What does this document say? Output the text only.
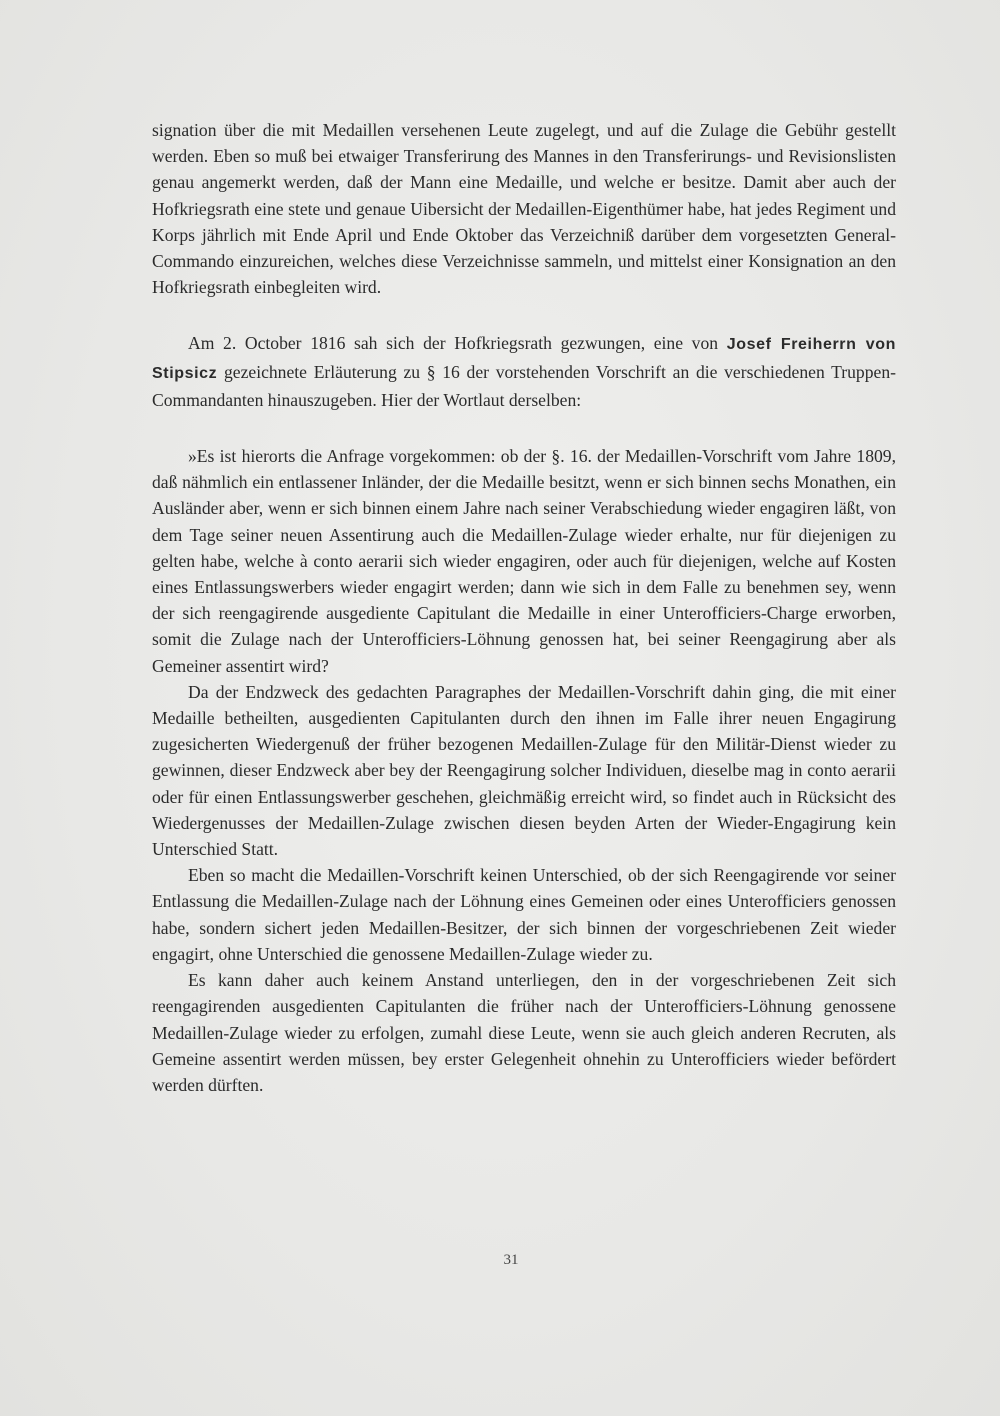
signation über die mit Medaillen versehenen Leute zugelegt, und auf die Zulage die Gebühr gestellt werden. Eben so muß bei etwaiger Transferirung des Mannes in den Transferirungs- und Revisionslisten genau angemerkt werden, daß der Mann eine Medaille, und welche er besitze. Damit aber auch der Hofkriegsrath eine stete und genaue Uibersicht der Medaillen-Eigenthümer habe, hat jedes Regiment und Korps jährlich mit Ende April und Ende Oktober das Verzeichniß darüber dem vorgesetzten General-Commando einzureichen, welches diese Verzeichnisse sammeln, und mittelst einer Konsignation an den Hofkriegsrath einbegleiten wird.

Am 2. October 1816 sah sich der Hofkriegsrath gezwungen, eine von Josef Freiherrn von Stipsicz gezeichnete Erläuterung zu § 16 der vorstehenden Vorschrift an die verschiedenen Truppen-Commandanten hinauszugeben. Hier der Wortlaut derselben:

»Es ist hierorts die Anfrage vorgekommen: ob der §. 16. der Medaillen-Vorschrift vom Jahre 1809, daß nähmlich ein entlassener Inländer, der die Medaille besitzt, wenn er sich binnen sechs Monathen, ein Ausländer aber, wenn er sich binnen einem Jahre nach seiner Verabschiedung wieder engagiren läßt, von dem Tage seiner neuen Assentirung auch die Medaillen-Zulage wieder erhalte, nur für diejenigen zu gelten habe, welche à conto aerarii sich wieder engagiren, oder auch für diejenigen, welche auf Kosten eines Entlassungswerbers wieder engagirt werden; dann wie sich in dem Falle zu benehmen sey, wenn der sich reengagirende ausgediente Capitulant die Medaille in einer Unterofficiers-Charge erworben, somit die Zulage nach der Unterofficiers-Löhnung genossen hat, bei seiner Reengagirung aber als Gemeiner assentirt wird?

Da der Endzweck des gedachten Paragraphes der Medaillen-Vorschrift dahin ging, die mit einer Medaille betheilten, ausgedienten Capitulanten durch den ihnen im Falle ihrer neuen Engagirung zugesicherten Wiedergenuß der früher bezogenen Medaillen-Zulage für den Militär-Dienst wieder zu gewinnen, dieser Endzweck aber bey der Reengagirung solcher Individuen, dieselbe mag in conto aerarii oder für einen Entlassungswerber geschehen, gleichmäßig erreicht wird, so findet auch in Rücksicht des Wiedergenusses der Medaillen-Zulage zwischen diesen beyden Arten der Wieder-Engagirung kein Unterschied Statt.

Eben so macht die Medaillen-Vorschrift keinen Unterschied, ob der sich Reengagirende vor seiner Entlassung die Medaillen-Zulage nach der Löhnung eines Gemeinen oder eines Unterofficiers genossen habe, sondern sichert jeden Medaillen-Besitzer, der sich binnen der vorgeschriebenen Zeit wieder engagirt, ohne Unterschied die genossene Medaillen-Zulage wieder zu.

Es kann daher auch keinem Anstand unterliegen, den in der vorgeschriebenen Zeit sich reengagirenden ausgedienten Capitulanten die früher nach der Unterofficiers-Löhnung genossene Medaillen-Zulage wieder zu erfolgen, zumahl diese Leute, wenn sie auch gleich anderen Recruten, als Gemeine assentirt werden müssen, bey erster Gelegenheit ohnehin zu Unterofficiers wieder befördert werden dürften.

31
